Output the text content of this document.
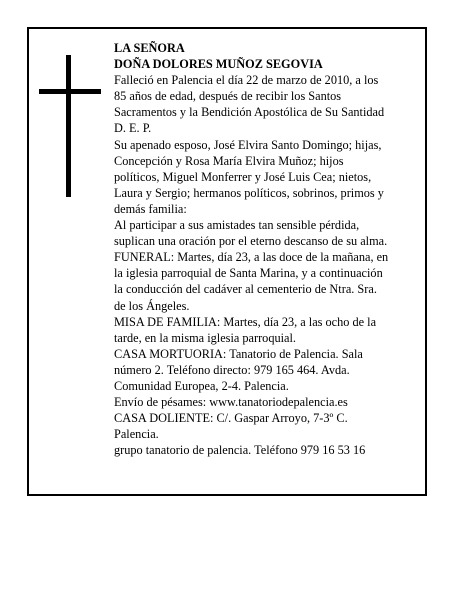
LA SEÑORA
DOÑA DOLORES MUÑOZ SEGOVIA
Falleció en Palencia el día 22 de marzo de 2010, a los
85 años de edad, después de recibir los Santos
Sacramentos y la Bendición Apostólica de Su Santidad
D. E. P.
Su apenado esposo, José Elvira Santo Domingo; hijas,
Concepción y Rosa María Elvira Muñoz; hijos
políticos, Miguel Monferrer y José Luis Cea; nietos,
Laura y Sergio; hermanos políticos, sobrinos, primos y
demás familia:
Al participar a sus amistades tan sensible pérdida,
suplican una oración por el eterno descanso de su alma.
FUNERAL: Martes, día 23, a las doce de la mañana, en
la iglesia parroquial de Santa Marina, y a continuación
la conducción del cadáver al cementerio de Ntra. Sra.
de los Ángeles.
MISA DE FAMILIA: Martes, día 23, a las ocho de la
tarde, en la misma iglesia parroquial.
CASA MORTUORIA: Tanatorio de Palencia. Sala
número 2. Teléfono directo: 979 165 464. Avda.
Comunidad Europea, 2-4. Palencia.
Envío de pésames: www.tanatoriodepalencia.es
CASA DOLIENTE: C/. Gaspar Arroyo, 7-3º C.
Palencia.
grupo tanatorio de palencia. Teléfono 979 16 53 16
